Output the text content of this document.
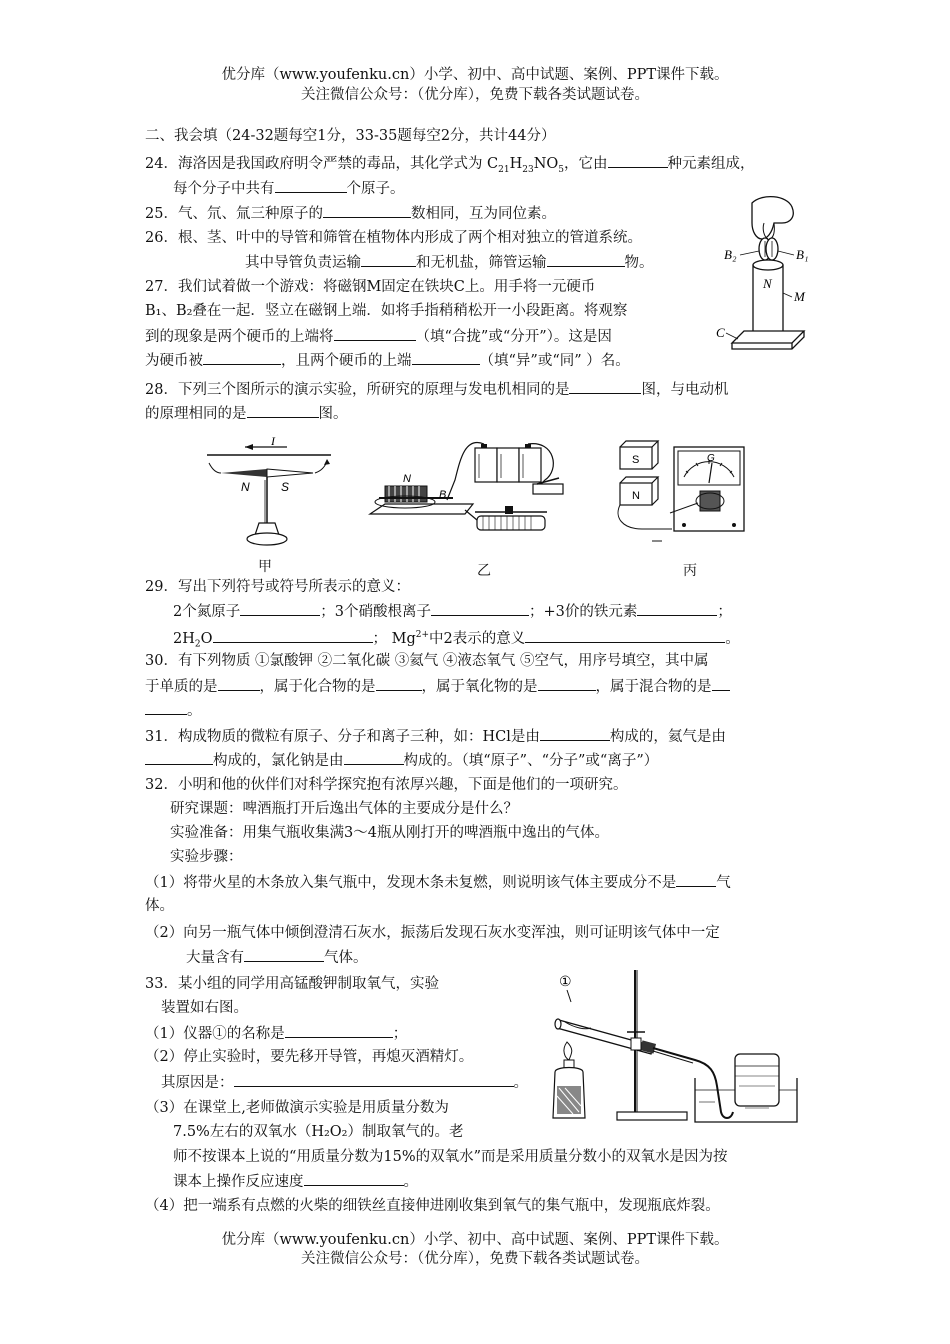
优分库（www.youfenku.cn）小学、初中、高中试题、案例、PPT课件下载。
关注微信公众号：（优分库），免费下载各类试题试卷。
二、我会填（24-32题每空1分，33-35题每空2分，共计44分）
24．海洛因是我国政府明令严禁的毒品，其化学式为 $C_{21}H_{23}NO_5$，它由	种元素组成，
每个分子中共有	个原子。
25．气、氘、氚三种原子的	数相同，互为同位素。
26．根、茎、叶中的导管和筛管在植物体内形成了两个相对独立的管道系统。
其中导管负责运输	和无机盐，筛管运输	物。
27．我们试着做一个游戏：将磁钢M固定在铁块C上。用手将一元硬币
B₁、B₂叠在一起．竖立在磁钢上端．如将手指稍稍松开一小段距离。将观察
到的现象是两个硬币的上端将	（填“合拢”或“分开”）。这是因
为硬币被	，且两个硬币的上端	（填“异”或“同” ）名。
B₂	B₁
N
M
C
28．下列三个图所示的演示实验，所研究的原理与发电机相同的是	图，与电动机
的原理相同的是	图。
I
N	S
甲
N
B
乙
S
N
G
丙
29．写出下列符号或符号所表示的意义：
2个氮原子	；3个硝酸根离子	；+3价的铁元素	；
$2H_2O$	； $Mg^{2+}$中2表示的意义	。
30．有下列物质 ①氯酸钾 ②二氧化碳 ③氦气 ④液态氧气 ⑤空气，用序号填空，其中属
于单质的是	，属于化合物的是	，属于氧化物的是	，属于混合物的是
。
31．构成物质的微粒有原子、分子和离子三种，如：HCl是由	构成的，氦气是由
构成的，氯化钠是由	构成的。（填“原子”、“分子”或“离子”）
32．小明和他的伙伴们对科学探究抱有浓厚兴趣，下面是他们的一项研究。
研究课题：啤酒瓶打开后逸出气体的主要成分是什么？
实验准备：用集气瓶收集满3～4瓶从刚打开的啤酒瓶中逸出的气体。
实验步骤：
（1）将带火星的木条放入集气瓶中，发现木条未复燃，则说明该气体主要成分不是	气
体。
（2）向另一瓶气体中倾倒澄清石灰水，振荡后发现石灰水变浑浊，则可证明该气体中一定
大量含有	气体。
33．某小组的同学用高锰酸钾制取氧气，实验
装置如右图。
（1）仪器①的名称是	；
（2）停止实验时，要先移开导管，再熄灭酒精灯。
其原因是：	。
（3）在课堂上,老师做演示实验是用质量分数为
7.5%左右的双氧水（H₂O₂）制取氧气的。老
师不按课本上说的“用质量分数为15%的双氧水”而是采用质量分数小的双氧水是因为按
课本上操作反应速度	。
（4）把一端系有点燃的火柴的细铁丝直接伸进刚收集到氧气的集气瓶中，发现瓶底炸裂。
①
优分库（www.youfenku.cn）小学、初中、高中试题、案例、PPT课件下载。
关注微信公众号：（优分库），免费下载各类试题试卷。
